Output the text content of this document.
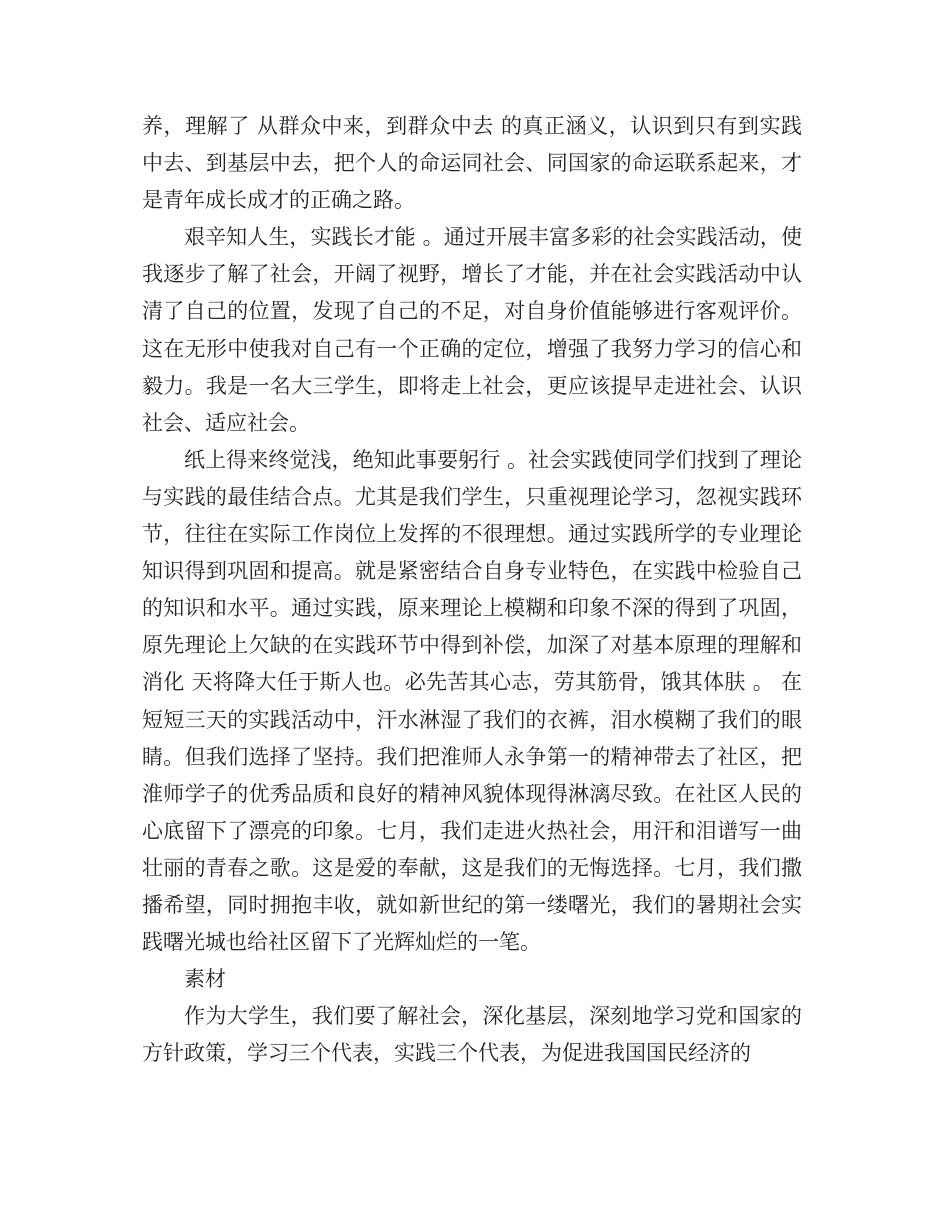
养，理解了 从群众中来，到群众中去 的真正涵义，认识到只有到实践中去、到基层中去，把个人的命运同社会、同国家的命运联系起来，才是青年成长成才的正确之路。

艰辛知人生，实践长才能 。通过开展丰富多彩的社会实践活动，使我逐步了解了社会，开阔了视野，增长了才能，并在社会实践活动中认清了自己的位置，发现了自己的不足，对自身价值能够进行客观评价。这在无形中使我对自己有一个正确的定位，增强了我努力学习的信心和毅力。我是一名大三学生，即将走上社会，更应该提早走进社会、认识社会、适应社会。

纸上得来终觉浅，绝知此事要躬行 。社会实践使同学们找到了理论与实践的最佳结合点。尤其是我们学生，只重视理论学习，忽视实践环节，往往在实际工作岗位上发挥的不很理想。通过实践所学的专业理论知识得到巩固和提高。就是紧密结合自身专业特色，在实践中检验自己的知识和水平。通过实践，原来理论上模糊和印象不深的得到了巩固，原先理论上欠缺的在实践环节中得到补偿，加深了对基本原理的理解和消化 天将降大任于斯人也。必先苦其心志，劳其筋骨，饿其体肤 。 在短短三天的实践活动中，汗水淋湿了我们的衣裤，泪水模糊了我们的眼睛。但我们选择了坚持。我们把淮师人永争第一的精神带去了社区，把淮师学子的优秀品质和良好的精神风貌体现得淋漓尽致。在社区人民的心底留下了漂亮的印象。七月，我们走进火热社会，用汗和泪谱写一曲壮丽的青春之歌。这是爱的奉献，这是我们的无悔选择。七月，我们撒播希望，同时拥抱丰收，就如新世纪的第一缕曙光，我们的暑期社会实践曙光城也给社区留下了光辉灿烂的一笔。

素材

作为大学生，我们要了解社会，深化基层，深刻地学习党和国家的方针政策，学习三个代表，实践三个代表，为促进我国国民经济的
